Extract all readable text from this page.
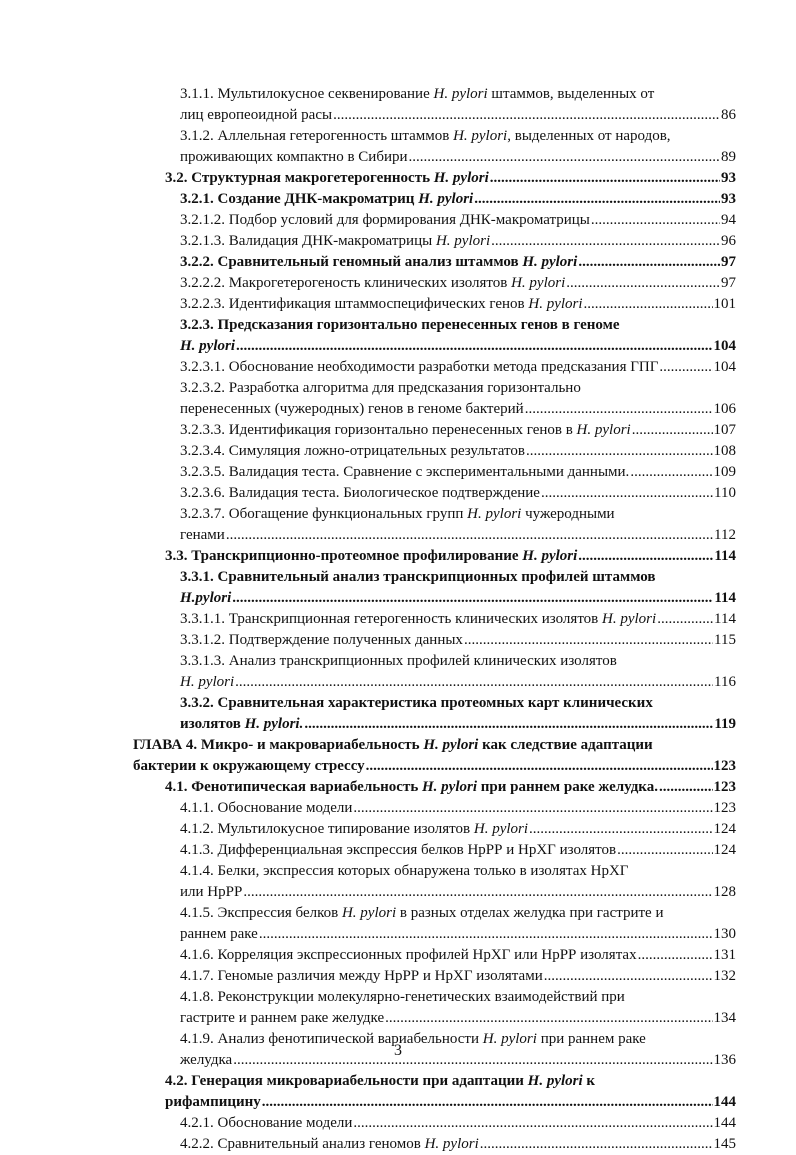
3.1.1. Мультилокусное секвенирование H. pylori штаммов, выделенных от
лиц европеоидной расы .....	86
3.1.2. Аллельная гетерогенность штаммов H. pylori, выделенных от народов,
проживающих компактно в Сибири .....	89
3.2. Структурная макрогетерогенность H. pylori .....	93
3.2.1. Создание ДНК-макроматриц H. pylori .....	93
3.2.1.2. Подбор условий для формирования ДНК-макроматрицы .....	94
3.2.1.3. Валидация ДНК-макроматрицы H. pylori .....	96
3.2.2. Сравнительный геномный анализ штаммов H. pylori .....	97
3.2.2.2. Макрогетерогеность клинических изолятов H. pylori .....	97
3.2.2.3. Идентификация штаммоспецифических генов H. pylori .....	101
3.2.3. Предсказания горизонтально перенесенных генов в геноме
H. pylori .....	104
3.2.3.1. Обоснование необходимости разработки метода предсказания ГПГ .....	104
3.2.3.2. Разработка алгоритма для предсказания горизонтально
перенесенных (чужеродных) генов в геноме бактерий .....	106
3.2.3.3. Идентификация горизонтально перенесенных генов в H. pylori .....	107
3.2.3.4. Симуляция ложно-отрицательных результатов .....	108
3.2.3.5. Валидация теста. Сравнение с экспериментальными данными. .....	109
3.2.3.6. Валидация теста. Биологическое подтверждение .....	110
3.2.3.7. Обогащение функциональных групп H. pylori чужеродными
генами .....	112
3.3. Транскрипционно-протеомное профилирование H. pylori .....	114
3.3.1. Сравнительный анализ транскрипционных профилей штаммов
H.pylori .....	114
3.3.1.1. Транскрипционная гетерогенность клинических изолятов H. pylori .....	114
3.3.1.2. Подтверждение полученных данных .....	115
3.3.1.3. Анализ транскрипционных профилей клинических изолятов
H. pylori .....	116
3.3.2. Сравнительная характеристика протеомных карт клинических
изолятов H. pylori. .....	119
ГЛАВА 4. Микро- и макровариабельность H. pylori как следствие адаптации
бактерии к окружающему стрессу .....	123
4.1. Фенотипическая вариабельность H. pylori при раннем раке желудка. .....	123
4.1.1. Обоснование модели .....	123
4.1.2. Мультилокусное типирование изолятов H. pylori .....	124
4.1.3. Дифференциальная экспрессия белков НрРР и НрХГ изолятов .....	124
4.1.4. Белки, экспрессия которых обнаружена только в изолятах НрХГ
или НрРР .....	128
4.1.5. Экспрессия белков H. pylori в разных отделах желудка при гастрите и
раннем раке .....	130
4.1.6. Корреляция экспрессионных профилей НрХГ или НрРР изолятах .....	131
4.1.7. Геномые различия между НрРР и НрХГ изолятами .....	132
4.1.8. Реконструкции молекулярно-генетических взаимодействий при
гастрите и раннем раке желудке .....	134
4.1.9. Анализ фенотипической вариабельности H. pylori при раннем раке
желудка .....	136
4.2. Генерация микровариабельности при адаптации H. pylori к
рифампицину .....	144
4.2.1. Обоснование модели .....	144
4.2.2. Сравнительный анализ геномов H. pylori .....	145
3
